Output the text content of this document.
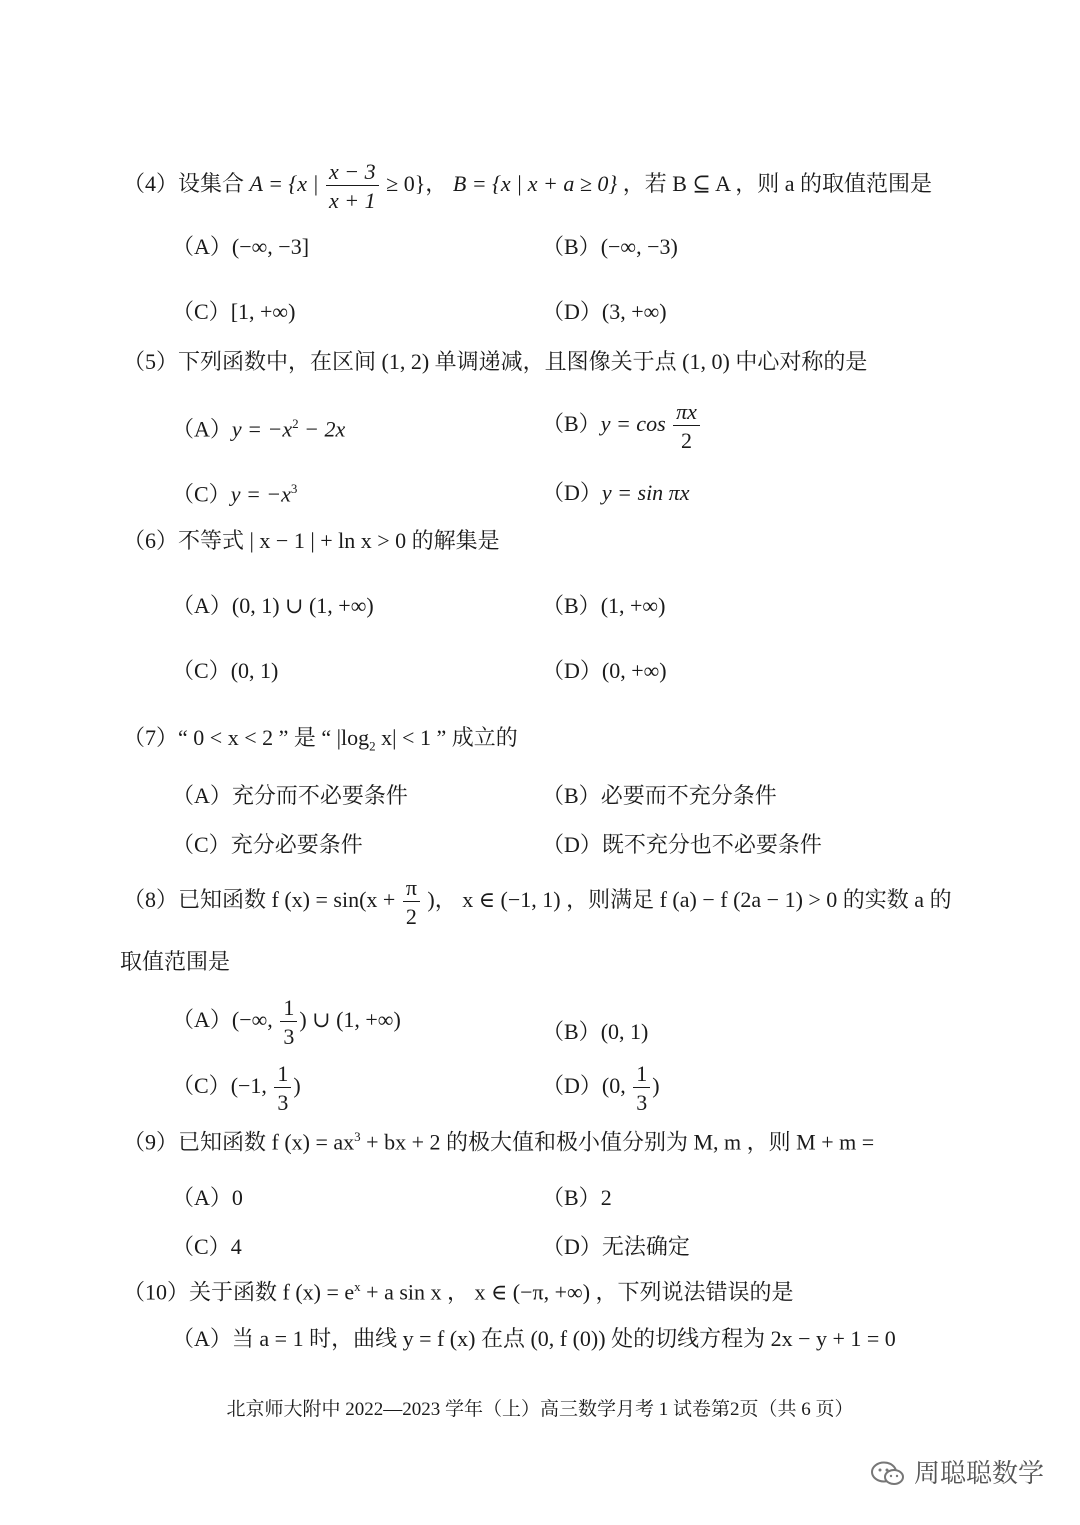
（4）设集合 A = {x | $\frac{x - 3}{x + 1} \ge 0$}， B = {x | x + a ≥ 0} ，若 B ⊆ A ，则 a 的取值范围是
（A）(−∞, −3]	（B）(−∞, −3)
（C）[1, +∞)	（D）(3, +∞)
（5）下列函数中，在区间 (1, 2) 单调递减，且图像关于点 (1, 0) 中心对称的是
$(A)y = -x^2 - 2x$	$(B)y = \cos \frac{\pi x}{2}$
$(C)y = -x^3$	（D）y = sin πx
（6）不等式 | x − 1 | + ln x > 0 的解集是
（A）(0, 1) ∪ (1, +∞)	（B）(1, +∞)
（C）(0, 1)	（D）(0, +∞)
（7）“ 0 < x < 2 ” 是 “ $|\log_2$ x| < 1 ” 成立的
（A）充分而不必要条件	（B）必要而不充分条件
（C）充分必要条件	（D）既不充分也不必要条件
（8）已知函数 f $(x) = \sin(x + \frac{\pi}{2}$ )， x ∈ (−1, 1) ，则满足 f (a) − f (2a − 1) > 0 的实数 a 的
取值范围是
（A）(−∞, $\frac{1}{3}$ ) ∪ (1, +∞)	（B）(0, 1)
（C）(−1, $\frac{1}{3}$ )	（D）(0, $\frac{1}{3}$ )
（9）已知函数 f $(x) = ax^3$ + bx + 2 的极大值和极小值分别为 M, m ，则 M + m =
（A）0	（B）2
（C）4	（D）无法确定
（10）关于函数 f $(x) = e^x + a$ sin x ， x ∈ (−π, +∞) ，下列说法错误的是
（A）当 a = 1 时，曲线 y = f (x) 在点 (0, f (0)) 处的切线方程为 2x − y + 1 = 0
北京师大附中 2022—2023 学年（上）高三数学月考 1 试卷第2页（共 6 页）
周聪聪数学
